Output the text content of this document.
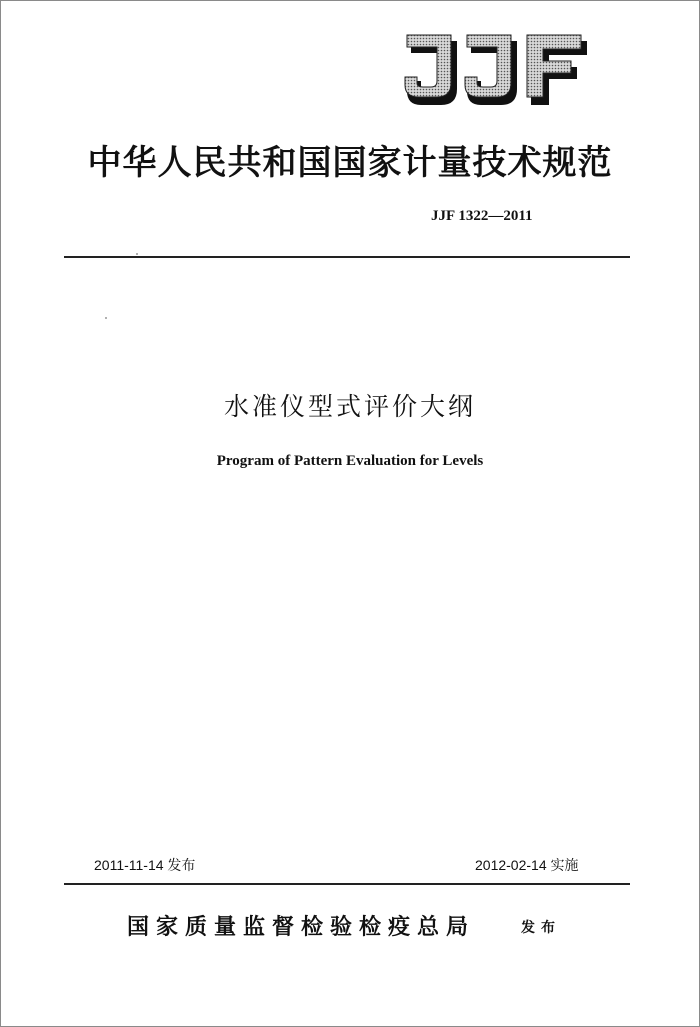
中华人民共和国国家计量技术规范
JJF 1322—2011
水准仪型式评价大纲
Program of Pattern Evaluation for Levels
2011-11-14 发布	2012-02-14 实施
国家质量监督检验检疫总局	发布
